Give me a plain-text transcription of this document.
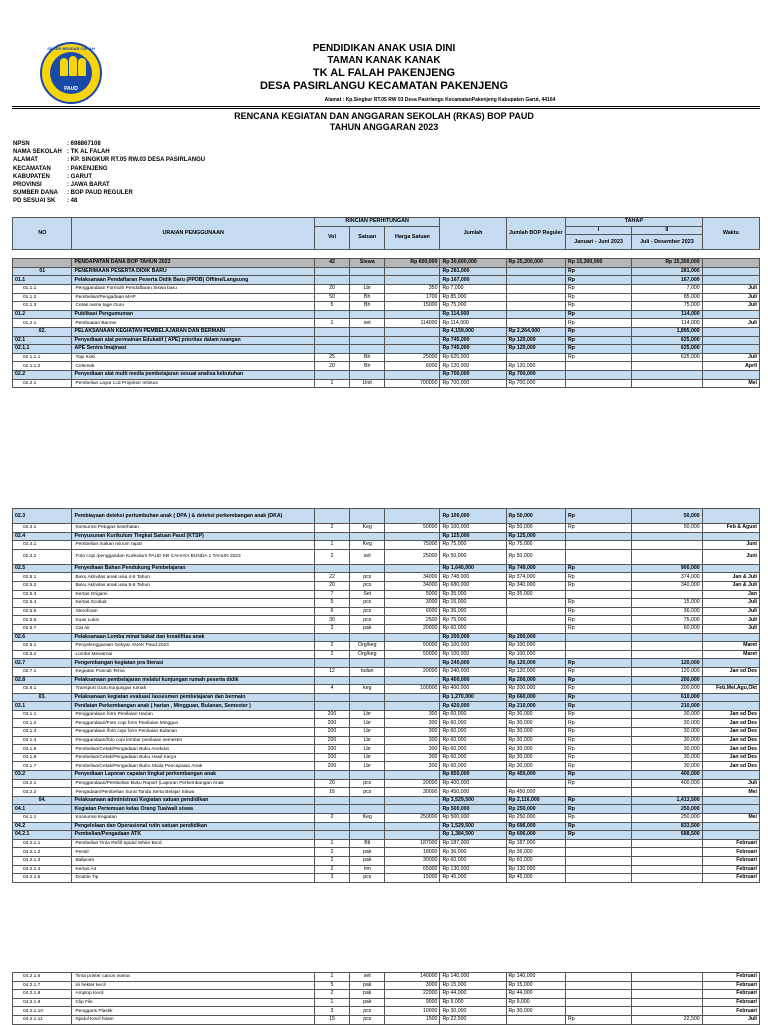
SEKAR BENDAR CERAH
PAUD
PENDIDIKAN ANAK USIA DINI
TAMAN KANAK KANAK
TK AL FALAH PAKENJENG
DESA PASIRLANGU KECAMATAN PAKENJENG
Alamat : Kp.Singkur RT.05 RW 03 Desa Pasirlangu KecamatanPakenjeng Kabupaten Garut, 44164
RENCANA KEGIATAN DAN ANGGARAN SEKOLAH (RKAS) BOP PAUD
TAHUN ANGGARAN 2023
NPSN	: 698867108
NAMA SEKOLAH : TK AL FALAH
ALAMAT	: KP. SINGKUR RT.05 RW.03 DESA PASIRLANGU
KECAMATAN	: PAKENJENG
KABUPATEN	: GARUT
PROVINSI	: JAWA BARAT
SUMBER DANA : BOP PAUD REGULER
PD SESUAI SK : 48
NO	URAIAN PENGGUNAAN	RINCIAN PERHITUNGAN			Jumlah	Jumlah BOP Reguler	TAHAP		Waktu
		Vol	Satuan	Harga Satuan			I	II	
							Januari - Juni 2023	Juli - Desember 2023	

	PENDAPATAN DANA BOP TAHUN 2023	42	Siswa	Rp 600,000	Rp 30,600,000	Rp 25,200,000	Rp 15,300,000	Rp 15,300,000	
01	PENERIMAAN PESERTA DIDIK BARU				Rp 281,000		Rp	281,000	
01.1	Pelaksanaan Pendaftaran Peserta Didik Baru (PPDB) Offline/Langsung				Rp 167,000		Rp	167,000	
01.1.1	Penggandaan Formulir Pendaftaran Siswa baru	20	Lbr	350	Rp 7,000		Rp	7,000	Juli
01.1.2	Pembelian/Pengadaan MAP	50	Bh	1700	Rp 85,000		Rp	85,000	Juli
01.1.3	Cetak name tage Guru	5	Bh	15000	Rp 75,000		Rp	75,000	Juli
01.2	Publikasi Pengumuman				Rp 114,000		Rp	114,000	
01.2.1	Pembuatan Banner	1	set	114000	Rp 114,000		Rp	114,000	Juli
02.	PELAKSANAAN KEGIATAN PEMBELAJARAN DAN BERMAIN				Rp 4,159,000	Rp 2,264,000	Rp	1,895,000	
02.1	Penyediaan alat permainan Edukatif ( APE) prioritas dalam ruangan				Rp 745,000	Rp 120,000	Rp	625,000	
02.1.1	APE Sentra Imajinasi				Rp 745,000	Rp 120,000	Rp	625,000	
02.1.1.1	Topi Koki	25	Bh	25000	Rp 625,000		Rp	625,000	Juli
02.1.1.2	Celemek	20	Bh	6000	Rp 120,000	Rp 120,000			April
02.2	Penyediaan alat multi media pembelajaran sesuai analisa kebutuhan				Rp 700,000	Rp 700,000			
02.2.1	Pembelian Layar Lcd Projektor Infokus	1	Unit	700000	Rp 700,000	Rp 700,000			Mei
02.3	Pembiayaan deteksi pertumbuhan anak ( DPA ) & deteksi perkembangan anak (DKA)				Rp 100,000	Rp 50,000	Rp	50,000	
02.3.1	Konsumsi Petugas kesehatan	2	Keg	50000	Rp 100,000	Rp 50,000	Rp	50,000	Feb & Agust
02.4	Penyusunan Kurikulum Tingkat Satuan Paud (KTSP)				Rp 125,000	Rp 125,000			
02.4.1	Pembelian makan minum rapat	1	Keg	75000	Rp 75,000	Rp 75,000			Juni
02.4.2	Foto copi /penggandan Kurikulum PAUD KB CAHAYA BUNDA 1 TAHUN 2023	2	set	25000	Rp 50,000	Rp 50,000			Juni
02.5	Penyediaan Bahan Pendukung Pembelajaran				Rp 1,640,000	Rp 749,000	Rp	900,000	
02.5.1	Buku Aktivitas anak usia 4-5 Tahun	22	pcs	34000	Rp 748,000	Rp 374,000	Rp	374,000	Jan & Juli
02.5.2	Buku Aktivitas anak usia 5-6 Tahun	20	pcs	34000	Rp 680,000	Rp 340,000	Rp	340,000	Jan & Juli
02.5.3	Kertas Origami	7	Set	5000	Rp 35,000	Rp 35,000			Jan
02.5.4	Kertas Scotlait	5	pcs	3000	Rp 15,000		Rp	15,000	Juli
02.5.5	Sterofoam	6	pcs	6000	Rp 36,000		Rp	36,000	Juli
02.5.6	Kuas Lukis	30	pcs	2500	Rp 75,000		Rp	75,000	Juli
02.5.7	Cat Air	3	pak	20000	Rp 60,000		Rp	60,000	Juli
02.6	Pelaksanaan Lomba minat bakat dan kreatifitas anak				Rp 200,000	Rp 200,000			
02.6.1	Penyelenggaraan Gebyar ANAK Paud 2023	2	Org/keg	50000	Rp 100,000	Rp 100,000			Maret
02.6.2	Lomba Mewarnai	2	Org/keg	50000	Rp 100,000	Rp 100,000			Maret
02.7	Pengembangan kegiatan pra literasi				Rp 240,000	Rp 120,000	Rp	120,000	
02.7.1	Kegiatan Puncak Tema	12	bulan	20000	Rp 240,000	Rp 120,000	Rp	120,000	Jan sd Des
02.8	Pelaksanaan pembelajaran melalui kunjungan rumah peserta didik				Rp 400,000	Rp 200,000	Rp	200,000	
02.8.1	Transport Guru kunjungan rumah	4	keg	100000	Rp 400,000	Rp 200,000	Rp	200,000	Feb,Mei,Agu,Okt
03.	Pelaksanaan kegiatan evaluasi /assesmen pembelajaran dan bermain				Rp 1,270,000	Rp 660,000	Rp	610,000	
03.1	Penilaian Perkembangan anak ( harian , Mingguan, Bulanan, Semester )				Rp 420,000	Rp 210,000	Rp	210,000	
03.1.1	Penggandaan form Penilaian Harian	200	Lbr	300	Rp 60,000	Rp 30,000	Rp	30,000	Jan sd Des
03.1.2	Penggandaan/Foto copi form Penilaian Minggun	200	Lbr	300	Rp 60,000	Rp 30,000	Rp	30,000	Jan sd Des
03.1.3	Penggandaan /foto copi form Penilaian Bulanan	200	Lbr	300	Rp 60,000	Rp 30,000	Rp	30,000	Jan sd Des
03.1.4	Penggandaan/foto copi lembar penilaian semester	200	Lbr	300	Rp 60,000	Rp 30,000	Rp	30,000	Jan sd Des
03.1.5	Pembelian/Cetak/Pengadaan Buku Anekdot	200	Lbr	300	Rp 60,000	Rp 30,000	Rp	30,000	Jan sd Des
03.1.6	Pembelian/Cetak/Pengadaan Buku Hasil Karya	200	Lbr	300	Rp 60,000	Rp 30,000	Rp	30,000	Jan sd Des
03.1.7	Pembelian/Cetak/Pengadaan Buku Skala Pencapaian Anak	200	Lbr	300	Rp 60,000	Rp 30,000	Rp	30,000	Jan sd Des
03.2	Penyediaan Laporan capaian tingkat perkembangan anak				Rp 850,000	Rp 450,000	Rp	400,000	
03.2.1	Penggandaan/Pembelian Buku Raport (Laporan Perkembangan Anak	20	pcs	20000	Rp 400,000		Rp	400,000	Juli
03.2.2	Pengadaan/Pembelian Surat Tanda Serta Belajar Siswa	15	pcs	30000	Rp 450,000	Rp 450,000			Mei
04.	Pelaksanaan administrasi Kegiatan satuan pendidikan				Rp 3,529,500	Rp 2,116,000	Rp	1,413,500	
04.1	Kegiatan Pertemuan kelas Orang Tua/wali siswa				Rp 500,000	Rp 250,000	Rp	250,000	
04.1.1	Konsumsi Kegiatan	2	Keg	250000	Rp 500,000	Rp 250,000	Rp	250,000	Mei
04.2	Pengelolaan dan Operasional rutin satuan pendidikan				Rp 1,529,500	Rp 696,000	Rp	833,500	
04.2.1	Pembelian/Pengadaan ATK				Rp 1,384,500	Rp 696,000	Rp	688,500	
04.2.1.1	Pembelian Tinta Refill Spidol White Bord	1	Btl	187000	Rp 187,000	Rp 187,000			Februari
04.2.1.2	Pensil	2	pak	18000	Rp 36,000	Rp 36,000			Februari
04.2.1.3	Ballpoint	2	pak	30000	Rp 60,000	Rp 60,000			Februari
04.2.1.4	Kertas A4	2	rim	65000	Rp 130,000	Rp 130,000			Februari
04.2.1.5	Double Tip	3	pcs	15000	Rp 45,000	Rp 45,000			Februari
04.2.1.6	Tinta printer canon warna	1	set	140000	Rp 140,000	Rp 140,000			Februari
04.2.1.7	isi hekter kecil	5	pak	3000	Rp 15,000	Rp 15,000			Februari
04.2.1.8	Amplop Kecil	2	pak	22000	Rp 44,000	Rp 44,000			Februari
04.2.1.9	Clip File	1	pak	9000	Rp 9,000	Rp 9,000			Februari
04.2.1.10	Penggaris Plastik	3	pcs	10000	Rp 30,000	Rp 30,000			Februari
04.2.1.11	Spidol Kecil hitam	15	pcs	1500	Rp 22,500		Rp	22,500	Juli
